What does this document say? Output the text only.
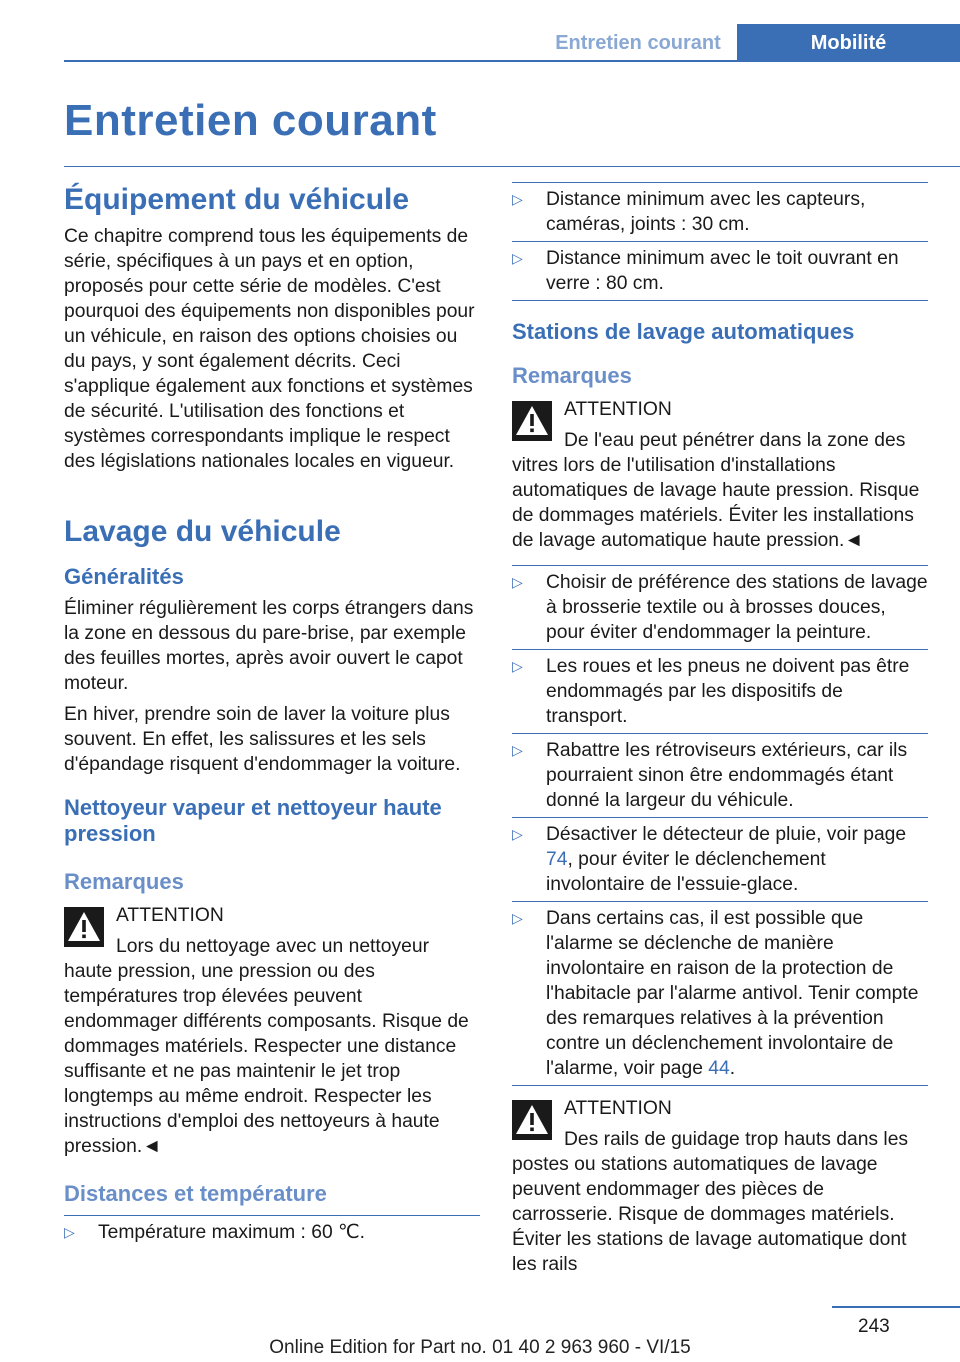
Entretien courant	Mobilité
Entretien courant
Équipement du véhicule

Ce chapitre comprend tous les équipements de série, spécifiques à un pays et en option, proposés pour cette série de modèles. C'est pourquoi des équipements non disponibles pour un véhicule, en raison des options choisies ou du pays, y sont également décrits. Ceci s'applique également aux fonctions et systèmes de sécurité. L'utilisation des fonctions et systèmes correspondants implique le respect des législations nationales locales en vigueur.

Lavage du véhicule
Généralités

Éliminer régulièrement les corps étrangers dans la zone en dessous du pare-brise, par exemple des feuilles mortes, après avoir ouvert le capot moteur.

En hiver, prendre soin de laver la voiture plus souvent. En effet, les salissures et les sels d'épandage risquent d'endommager la voiture.

Nettoyeur vapeur et nettoyeur haute pression
Remarques
ATTENTION
Lors du nettoyage avec un nettoyeur
haute pression, une pression ou des températures trop élevées peuvent endommager différents composants. Risque de dommages matériels. Respecter une distance suffisante et ne pas maintenir le jet trop longtemps au même endroit. Respecter les instructions d'emploi des nettoyeurs à haute pression.◄
Distances et température
▷	Température maximum : 60 ℃.
▷	Distance minimum avec les capteurs, caméras, joints : 30 cm.
▷	Distance minimum avec le toit ouvrant en verre : 80 cm.
Stations de lavage automatiques
Remarques
ATTENTION
De l'eau peut pénétrer dans la zone des
vitres lors de l'utilisation d'installations automatiques de lavage haute pression. Risque de dommages matériels. Éviter les installations de lavage automatique haute pression.◄
▷	Choisir de préférence des stations de lavage à brosserie textile ou à brosses douces, pour éviter d'endommager la peinture.
▷	Les roues et les pneus ne doivent pas être endommagés par les dispositifs de transport.
▷	Rabattre les rétroviseurs extérieurs, car ils pourraient sinon être endommagés étant donné la largeur du véhicule.
▷	Désactiver le détecteur de pluie, voir page 74, pour éviter le déclenchement involontaire de l'essuie-glace.
▷	Dans certains cas, il est possible que l'alarme se déclenche de manière involontaire en raison de la protection de l'habitacle par l'alarme antivol. Tenir compte des remarques relatives à la prévention contre un déclenchement involontaire de l'alarme, voir page 44.
ATTENTION
Des rails de guidage trop hauts dans les
postes ou stations automatiques de lavage peuvent endommager des pièces de carrosserie. Risque de dommages matériels. Éviter les stations de lavage automatique dont les rails
243
Online Edition for Part no. 01 40 2 963 960 - VI/15
